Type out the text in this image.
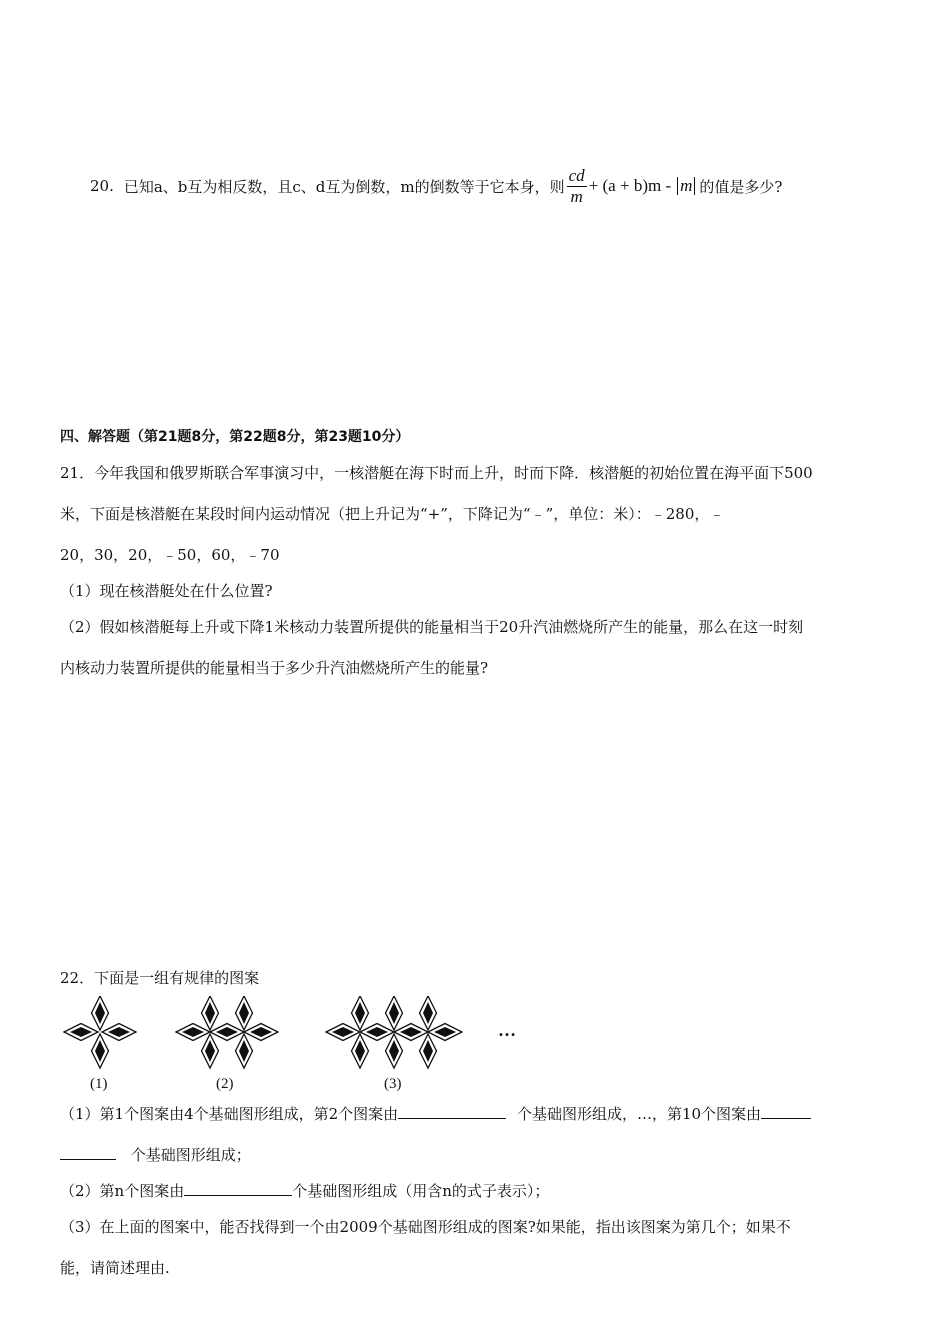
20. 已知a、b互为相反数，且c、d互为倒数，m的倒数等于它本身，则 $\frac{cd}{m} + (a + b)m - m$ 的值是多少?
四、解答题（第21题8分，第22题8分，第23题10分）
21．今年我国和俄罗斯联合军事演习中，一核潜艇在海下时而上升，时而下降．核潜艇的初始位置在海平面下500
米，下面是核潜艇在某段时间内运动情况（把上升记为“+”，下降记为“﹣”，单位：米）：﹣280，﹣
20，30，20，﹣50，60，﹣70
（1）现在核潜艇处在什么位置?
（2）假如核潜艇每上升或下降1米核动力装置所提供的能量相当于20升汽油燃烧所产生的能量，那么在这一时刻
内核动力装置所提供的能量相当于多少升汽油燃烧所产生的能量?
22．下面是一组有规律的图案
(1)	(2)	(3)
…
（1）第1个图案由4个基础图形组成，第2个图案由	个基础图形组成，…，第10个图案由
个基础图形组成；
（2）第n个图案由	个基础图形组成（用含n的式子表示）；
（3）在上面的图案中，能否找得到一个由2009个基础图形组成的图案?如果能，指出该图案为第几个；如果不
能，请简述理由.
